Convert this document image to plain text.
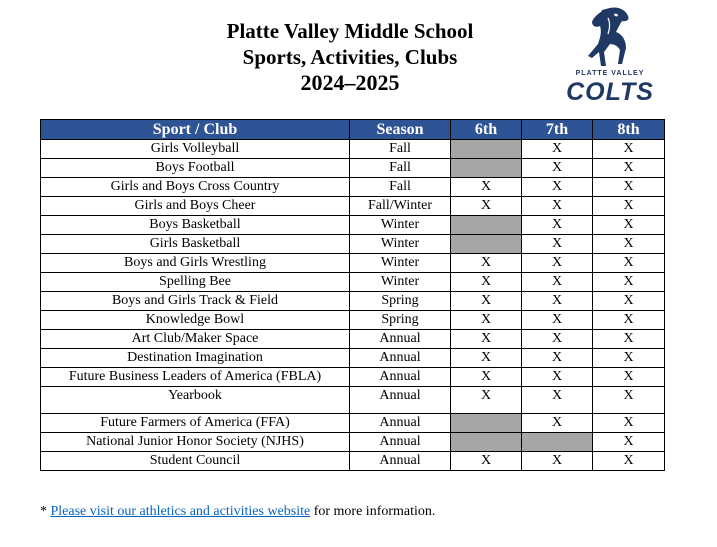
Platte Valley Middle School
Sports, Activities, Clubs
2024–2025	PLATTE VALLEY
COLTS
Sport / Club	Season	6th	7th	8th
Girls Volleyball	Fall		X	X
Boys Football	Fall		X	X
Girls and Boys Cross Country	Fall	X	X	X
Girls and Boys Cheer	Fall/Winter	X	X	X
Boys Basketball	Winter		X	X
Girls Basketball	Winter		X	X
Boys and Girls Wrestling	Winter	X	X	X
Spelling Bee	Winter	X	X	X
Boys and Girls Track & Field	Spring	X	X	X
Knowledge Bowl	Spring	X	X	X
Art Club/Maker Space	Annual	X	X	X
Destination Imagination	Annual	X	X	X
Future Business Leaders of America (FBLA)	Annual	X	X	X
Yearbook	Annual	X	X	X
Future Farmers of America (FFA)	Annual		X	X
National Junior Honor Society (NJHS)	Annual			X
Student Council	Annual	X	X	X
* Please visit our athletics and activities website for more information.
